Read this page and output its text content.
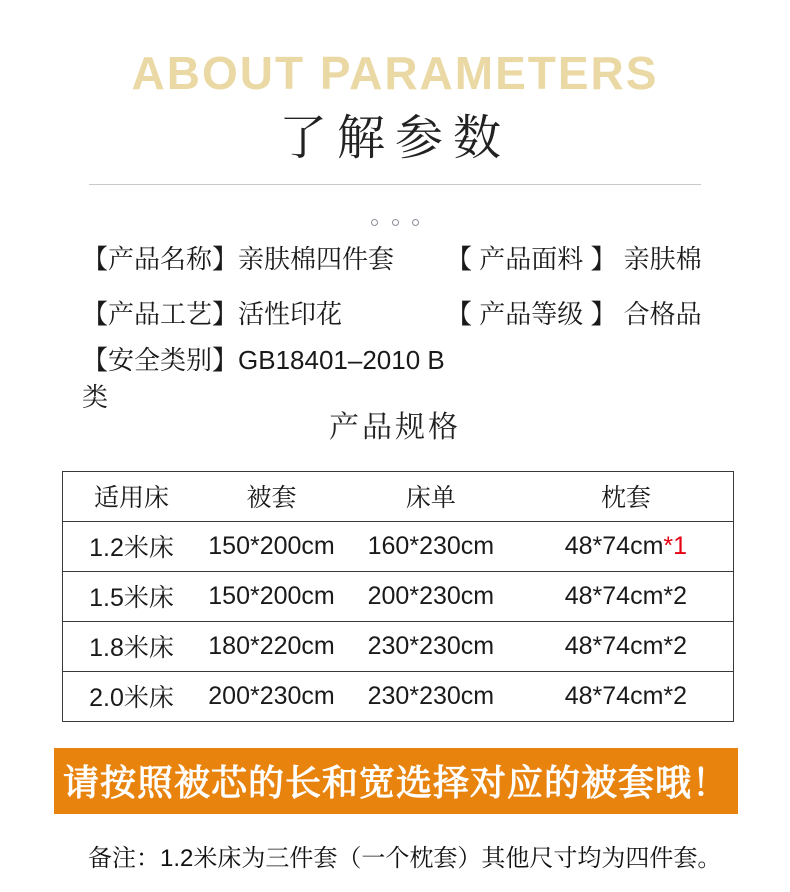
ABOUT PARAMETERS
了解参数

【产品名称】亲肤棉四件套	【 产品面料 】 亲肤棉
【产品工艺】活性印花	【 产品等级 】 合格品
【安全类别】GB18401–2010 B类
产品规格
适用床	被套	床单	枕套
1.2米床	150*200cm	160*230cm	48*74cm*1
1.5米床	150*200cm	200*230cm	48*74cm*2
1.8米床	180*220cm	230*230cm	48*74cm*2
2.0米床	200*230cm	230*230cm	48*74cm*2
请按照被芯的长和宽选择对应的被套哦！
备注：1.2米床为三件套（一个枕套）其他尺寸均为四件套。
